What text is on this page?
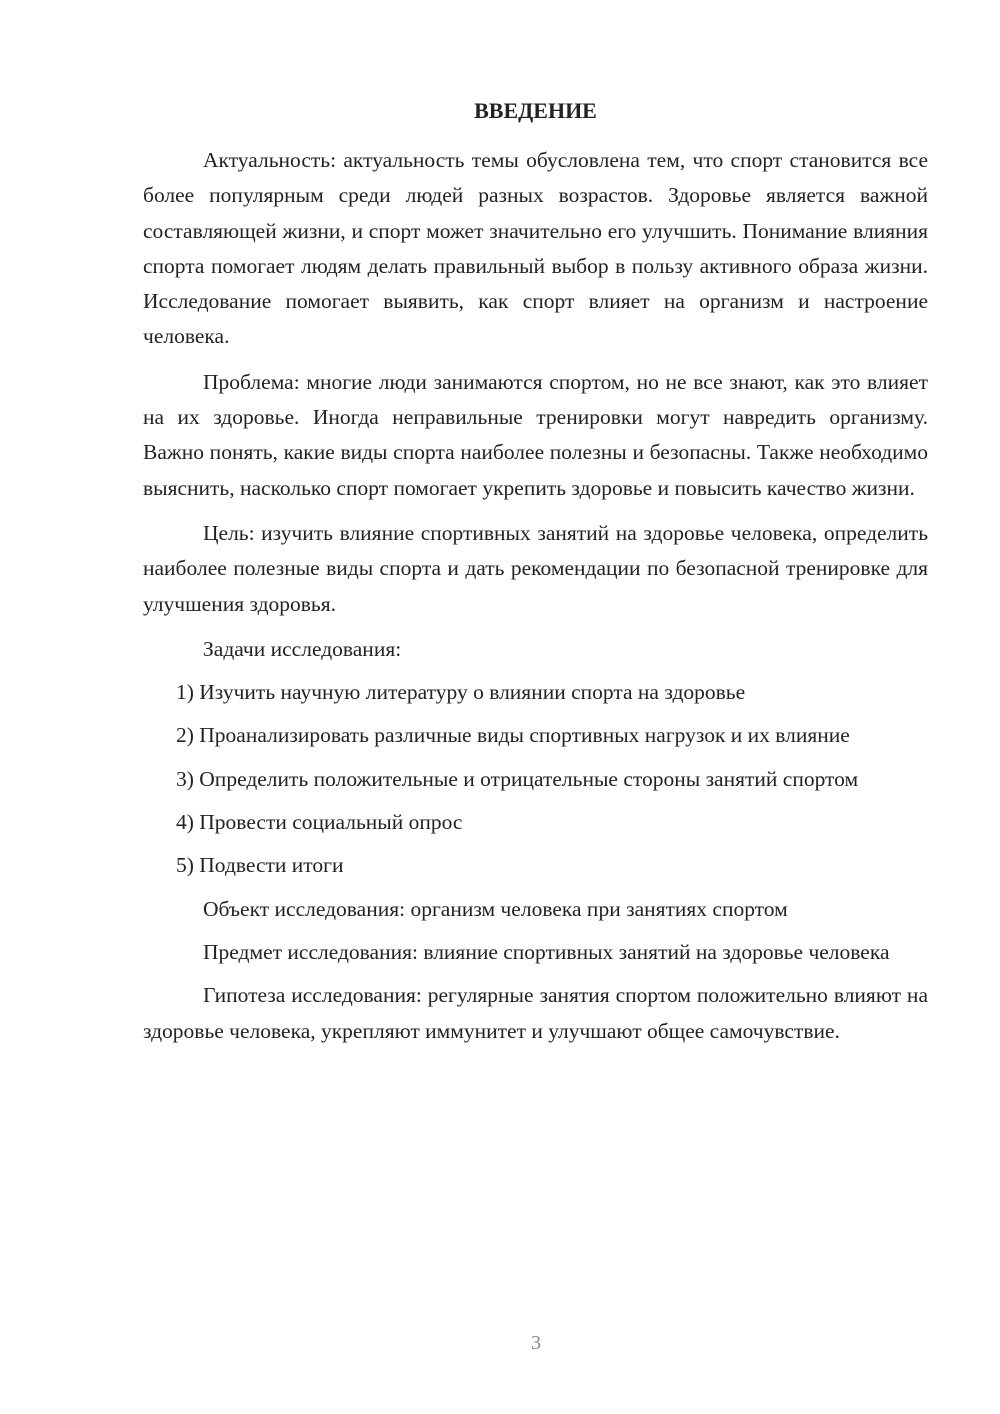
ВВЕДЕНИЕ

Актуальность: актуальность темы обусловлена тем, что спорт становится все более популярным среди людей разных возрастов. Здоровье является важной составляющей жизни, и спорт может значительно его улучшить. Понимание влияния спорта помогает людям делать правильный выбор в пользу активного образа жизни. Исследование помогает выявить, как спорт влияет на организм и настроение человека.

Проблема: многие люди занимаются спортом, но не все знают, как это влияет на их здоровье. Иногда неправильные тренировки могут навредить организму. Важно понять, какие виды спорта наиболее полезны и безопасны. Также необходимо выяснить, насколько спорт помогает укрепить здоровье и повысить качество жизни.

Цель: изучить влияние спортивных занятий на здоровье человека, определить наиболее полезные виды спорта и дать рекомендации по безопасной тренировке для улучшения здоровья.

Задачи исследования:

1) Изучить научную литературу о влиянии спорта на здоровье

2) Проанализировать различные виды спортивных нагрузок и их влияние

3) Определить положительные и отрицательные стороны занятий спортом

4) Провести социальный опрос

5) Подвести итоги

Объект исследования: организм человека при занятиях спортом

Предмет исследования: влияние спортивных занятий на здоровье человека

Гипотеза исследования: регулярные занятия спортом положительно влияют на здоровье человека, укрепляют иммунитет и улучшают общее самочувствие.

3
